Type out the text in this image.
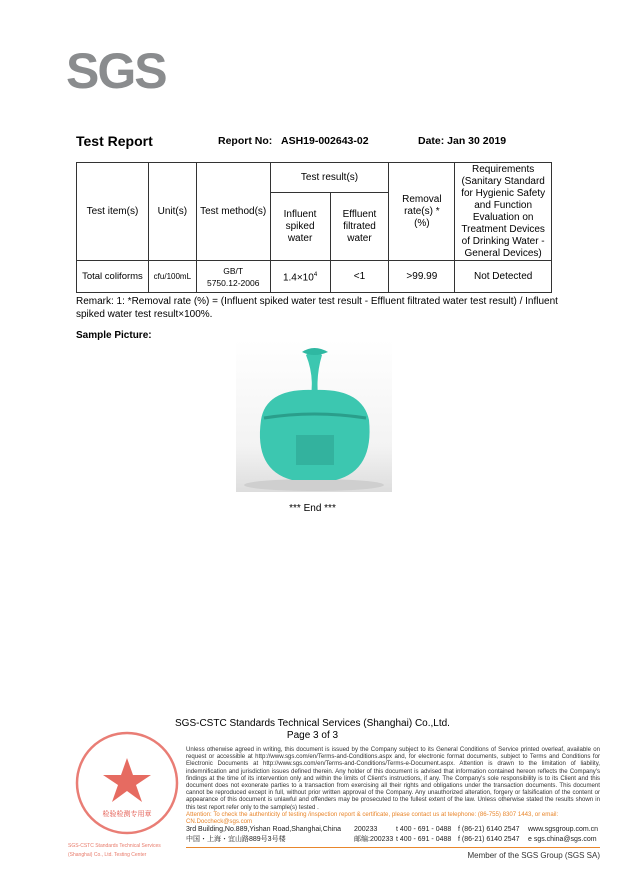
SGS
Test Report	Report No: ASH19-002643-02	Date: Jan 30 2019
Test item(s)	Unit(s)	Test method(s)	Test result(s)		Removal rate(s) * (%)	Requirements (Sanitary Standard for Hygienic Safety and Function Evaluation on Treatment Devices of Drinking Water - General Devices)
			Influent spiked water	Effluent filtrated water		
Total coliforms	cfu/100mL	GB/T 5750.12-2006	$1.4\times 10^4$	<1	>99.99	Not Detected
Remark: 1: *Removal rate (%) = (Influent spiked water test result - Effluent filtrated water test result) / Influent spiked water test result×100%.
Sample Picture:
*** End ***
SGS-CSTC Standards Technical Services (Shanghai) Co.,Ltd.
Page 3 of 3
检验检测专用章
SGS-CSTC Standards Technical Services (Shanghai) Co., Ltd. Testing Center
Unless otherwise agreed in writing, this document is issued by the Company subject to its General Conditions of Service printed overleaf, available on request or accessible at http://www.sgs.com/en/Terms-and-Conditions.aspx and, for electronic format documents, subject to Terms and Conditions for Electronic Documents at http://www.sgs.com/en/Terms-and-Conditions/Terms-e-Document.aspx. Attention is drawn to the limitation of liability, indemnification and jurisdiction issues defined therein. Any holder of this document is advised that information contained hereon reflects the Company's findings at the time of its intervention only and within the limits of Client's instructions, if any. The Company's sole responsibility is to its Client and this document does not exonerate parties to a transaction from exercising all their rights and obligations under the transaction documents. This document cannot be reproduced except in full, without prior written approval of the Company. Any unauthorized alteration, forgery or falsification of the content or appearance of this document is unlawful and offenders may be prosecuted to the fullest extent of the law. Unless otherwise stated the results shown in this test report refer only to the sample(s) tested .
Attention: To check the authenticity of testing /inspection report & certificate, please contact us at telephone: (86-755) 8307 1443, or email: CN.Doccheck@sgs.com
3rd Building,No.889,Yishan Road,Shanghai,China	200233	t 400 - 691 - 0488 f (86-21) 6140 2547	www.sgsgroup.com.cn
中国・上海・宜山路889号3号楼	邮编:200233 t 400 - 691 - 0488 f (86-21) 6140 2547	e sgs.china@sgs.com
Member of the SGS Group (SGS SA)
